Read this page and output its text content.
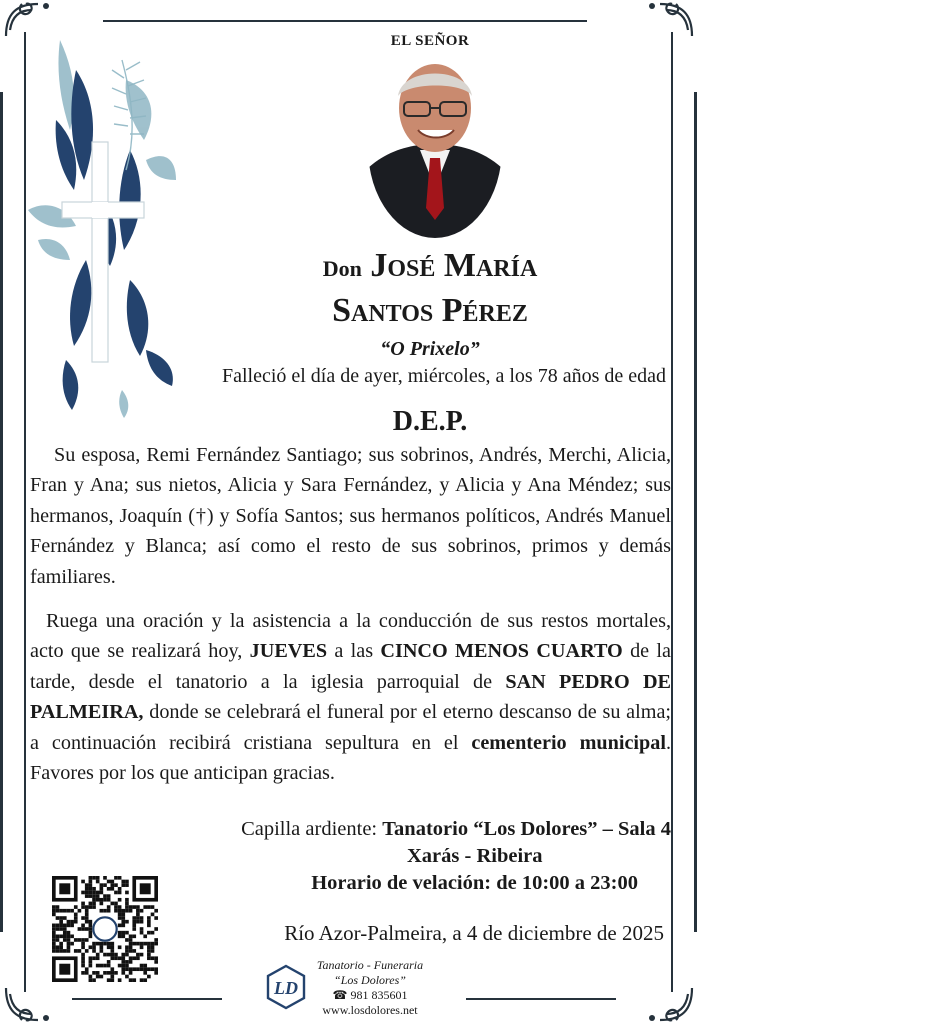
EL SEÑOR
Don José María
Santos Pérez
“O Prixelo”
Falleció el día de ayer, miércoles, a los 78 años de edad
D.E.P.
Su esposa, Remi Fernández Santiago; sus sobrinos, Andrés, Merchi, Alicia, Fran y Ana; sus nietos, Alicia y Sara Fernández, y Alicia y Ana Méndez; sus hermanos, Joaquín (†) y Sofía Santos; sus hermanos políticos, Andrés Manuel Fernández y Blanca; así como el resto de sus sobrinos, primos y demás familiares.
Ruega una oración y la asistencia a la conducción de sus restos mortales, acto que se realizará hoy, JUEVES a las CINCO MENOS CUARTO de la tarde, desde el tanatorio a la iglesia parroquial de SAN PEDRO DE PALMEIRA, donde se celebrará el funeral por el eterno descanso de su alma; a continuación recibirá cristiana sepultura en el cementerio municipal. Favores por los que anticipan gracias.
Capilla ardiente: Tanatorio “Los Dolores” – Sala 4
Xarás - Ribeira
Horario de velación: de 10:00 a 23:00
Río Azor-Palmeira, a 4 de diciembre de 2025
LD
Tanatorio - Funeraria
“Los Dolores”
☎ 981 835601
www.losdolores.net
